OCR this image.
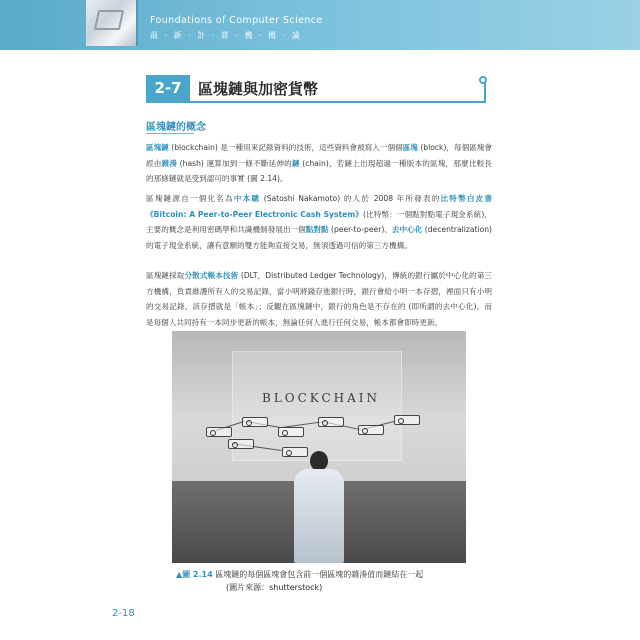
Foundations of Computer Science
最 · 新 · 計 · 算 · 機 · 概 · 論
2-7	區塊鏈與加密貨幣
區塊鏈的概念
區塊鏈 (blockchain) 是一種用來記錄資料的技術，這些資料會被寫入一個個區塊 (block)，每個區塊會經由雜湊 (hash) 運算加到一條不斷延伸的鏈 (chain)，若鏈上出現超過一種版本的區塊，那麼比較長的那條鏈就是受到認可的事實 (圖 2.14)。
區塊鏈源自一個化名為中本聰 (Satoshi Nakamoto) 的人於 2008 年所發表的比特幣白皮書《Bitcoin: A Peer-to-Peer Electronic Cash System》(比特幣：一個點對點電子現金系統)，主要的概念是利用密碼學和共識機制發展出一個點對點 (peer-to-peer)、去中心化 (decentralization) 的電子現金系統，讓有意願的雙方能夠直接交易，無須透過可信的第三方機構。
區塊鏈採取分散式帳本技術 (DLT，Distributed Ledger Technology)，傳統的銀行屬於中心化的第三方機構，負責維護所有人的交易記錄，當小明將錢存進銀行時，銀行會給小明一本存摺，裡面只有小明的交易記錄，該存摺就是「帳本」；反觀在區塊鏈中，銀行的角色是不存在的 (即所謂的去中心化)，而是每個人共同持有一本同步更新的帳本，無論任何人進行任何交易，帳本都會即時更新。
BLOCKCHAIN
▲圖 2.14 區塊鏈的每個區塊會包含前一個區塊的雜湊值而鏈結在一起
(圖片來源：shutterstock)
2-18
